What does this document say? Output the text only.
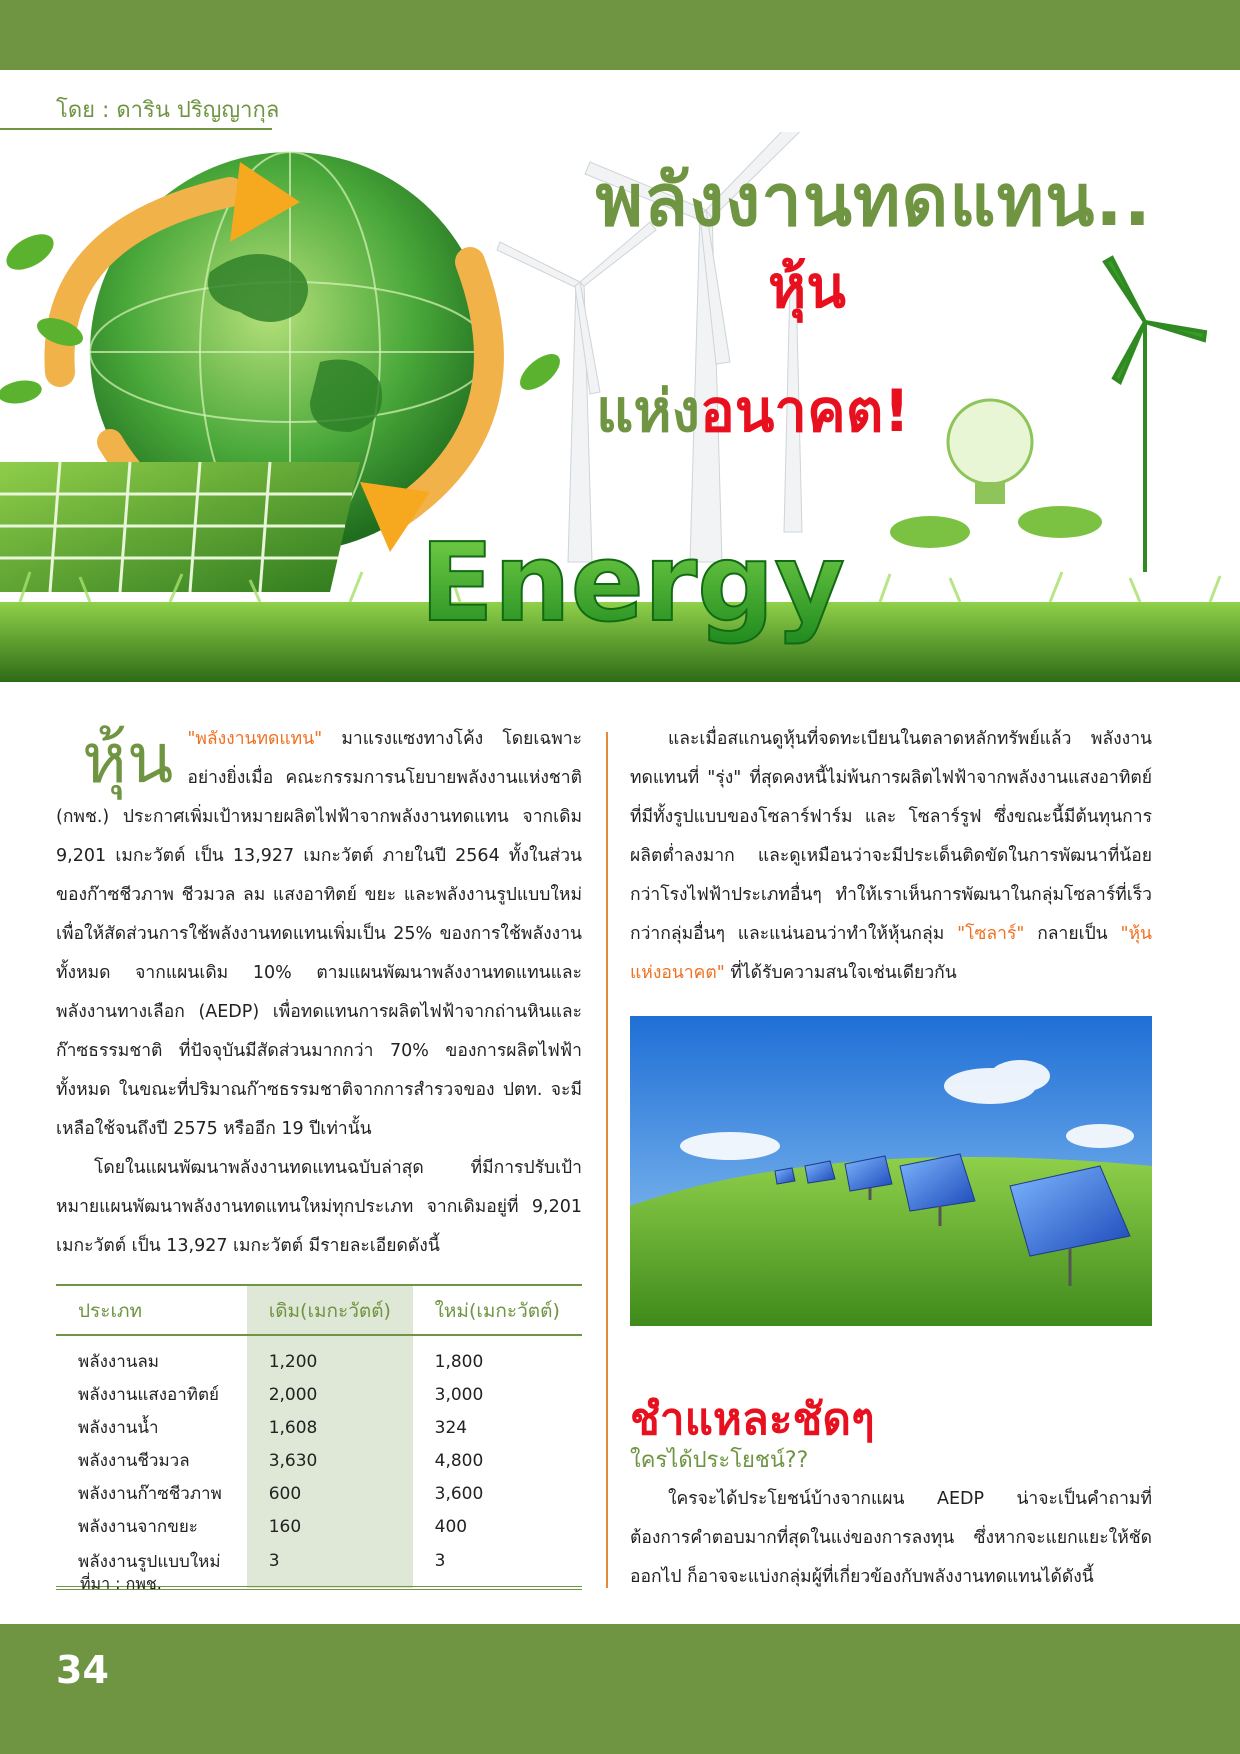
โดย : ดาริน ปริญญากุล
Energy
พลังงานทดแทน..
หุ้น
แห่งอนาคต!

หุ้น "พลังงานทดแทน" มาแรงแซงทางโค้ง โดยเฉพาะอย่างยิ่งเมื่อ คณะกรรมการนโยบายพลังงานแห่งชาติ (กพช.) ประกาศเพิ่มเป้าหมายผลิตไฟฟ้าจากพลังงานทดแทน จากเดิม 9,201 เมกะวัตต์ เป็น 13,927 เมกะวัตต์ ภายในปี 2564 ทั้งในส่วนของก๊าซชีวภาพ ชีวมวล ลม แสงอาทิตย์ ขยะ และพลังงานรูปแบบใหม่ เพื่อให้สัดส่วนการใช้พลังงานทดแทนเพิ่มเป็น 25% ของการใช้พลังงานทั้งหมด จากแผนเดิม 10% ตามแผนพัฒนาพลังงานทดแทนและพลังงานทางเลือก (AEDP) เพื่อทดแทนการผลิตไฟฟ้าจากถ่านหินและก๊าซธรรมชาติ ที่ปัจจุบันมีสัดส่วนมากกว่า 70% ของการผลิตไฟฟ้าทั้งหมด ในขณะที่ปริมาณก๊าซธรรมชาติจากการสำรวจของ ปตท. จะมีเหลือใช้จนถึงปี 2575 หรืออีก 19 ปีเท่านั้น

โดยในแผนพัฒนาพลังงานทดแทนฉบับล่าสุด ที่มีการปรับเป้าหมายแผนพัฒนาพลังงานทดแทนใหม่ทุกประเภท จากเดิมอยู่ที่ 9,201 เมกะวัตต์ เป็น 13,927 เมกะวัตต์ มีรายละเอียดดังนี้

ประเภท	เดิม(เมกะวัตต์)	ใหม่(เมกะวัตต์)
พลังงานลม	1,200	1,800
พลังงานแสงอาทิตย์	2,000	3,000
พลังงานน้ำ	1,608	324
พลังงานชีวมวล	3,630	4,800
พลังงานก๊าซชีวภาพ	600	3,600
พลังงานจากขยะ	160	400
พลังงานรูปแบบใหม่	3	3
ที่มา : กพช.

และเมื่อสแกนดูหุ้นที่จดทะเบียนในตลาดหลักทรัพย์แล้ว พลังงานทดแทนที่ "รุ่ง" ที่สุดคงหนี้ไม่พ้นการผลิตไฟฟ้าจากพลังงานแสงอาทิตย์ ที่มีทั้งรูปแบบของโซลาร์ฟาร์ม และ โซลาร์รูฟ ซึ่งขณะนี้มีต้นทุนการผลิตต่ำลงมาก และดูเหมือนว่าจะมีประเด็นติดขัดในการพัฒนาที่น้อยกว่าโรงไฟฟ้าประเภทอื่นๆ ทำให้เราเห็นการพัฒนาในกลุ่มโซลาร์ที่เร็วกว่ากลุ่มอื่นๆ และแน่นอนว่าทำให้หุ้นกลุ่ม "โซลาร์" กลายเป็น "หุ้นแห่งอนาคต" ที่ได้รับความสนใจเช่นเดียวกัน

ชำแหละชัดๆ
ใครได้ประโยชน์??

ใครจะได้ประโยชน์บ้างจากแผน AEDP น่าจะเป็นคำถามที่ต้องการคำตอบมากที่สุดในแง่ของการลงทุน ซึ่งหากจะแยกแยะให้ชัดออกไป ก็อาจจะแบ่งกลุ่มผู้ที่เกี่ยวข้องกับพลังงานทดแทนได้ดังนี้

34
